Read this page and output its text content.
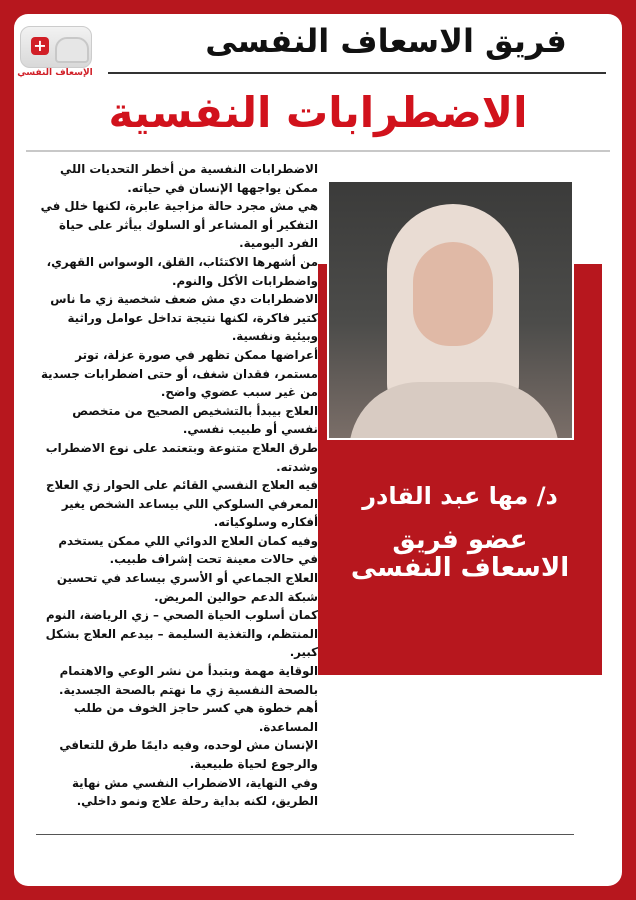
+
الإسعاف النفسي
فريق الاسعاف النفسى
الاضطرابات النفسية

الاضطرابات النفسية من أخطر التحديات اللي ممكن يواجهها الإنسان في حياته.

هي مش مجرد حالة مزاجية عابرة، لكنها خلل في التفكير أو المشاعر أو السلوك بيأثر على حياة الفرد اليومية.

من أشهرها الاكتئاب، القلق، الوسواس القهري، واضطرابات الأكل والنوم.

الاضطرابات دي مش ضعف شخصية زي ما ناس كتير فاكرة، لكنها نتيجة تداخل عوامل وراثية وبيئية ونفسية.

أعراضها ممكن تظهر في صورة عزلة، توتر مستمر، فقدان شغف، أو حتى اضطرابات جسدية من غير سبب عضوي واضح.

العلاج بيبدأ بالتشخيص الصحيح من متخصص نفسي أو طبيب نفسي.

طرق العلاج متنوعة وبتعتمد على نوع الاضطراب وشدته.

فيه العلاج النفسي القائم على الحوار زي العلاج المعرفي السلوكي اللي بيساعد الشخص يغير أفكاره وسلوكياته.

وفيه كمان العلاج الدوائي اللي ممكن يستخدم في حالات معينة تحت إشراف طبيب.

العلاج الجماعي أو الأسري بيساعد في تحسين شبكة الدعم حوالين المريض.

كمان أسلوب الحياة الصحي – زي الرياضة، النوم المنتظم، والتغذية السليمة – بيدعم العلاج بشكل كبير.

الوقاية مهمة وبتبدأ من نشر الوعي والاهتمام بالصحة النفسية زي ما نهتم بالصحة الجسدية.

أهم خطوة هي كسر حاجز الخوف من طلب المساعدة.

الإنسان مش لوحده، وفيه دايمًا طرق للتعافي والرجوع لحياة طبيعية.

وفي النهاية، الاضطراب النفسي مش نهاية الطريق، لكنه بداية رحلة علاج ونمو داخلي.

د/ مها عبد القادر
عضو فريق
الاسعاف النفسى
